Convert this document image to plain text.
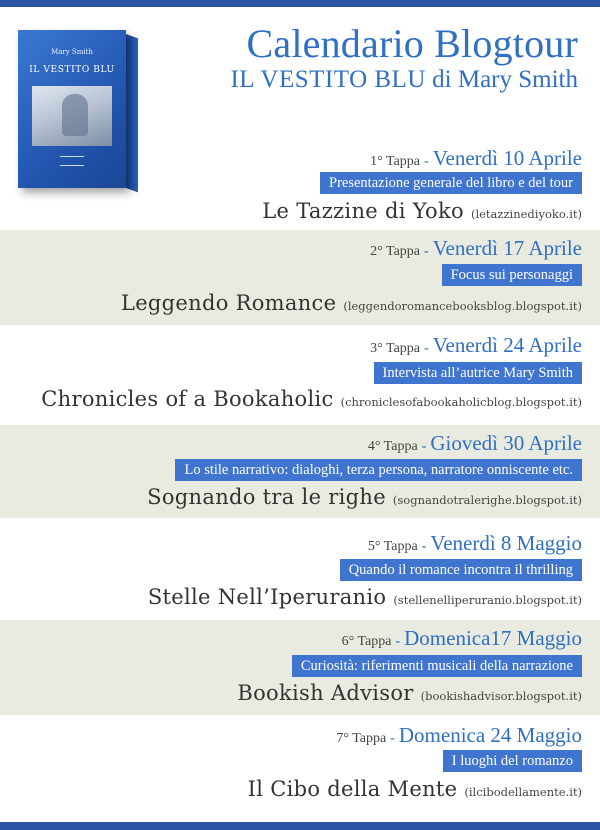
Calendario Blogtour
IL VESTITO BLU di Mary Smith
Mary Smith
IL VESTITO BLU
1° Tappa - Venerdì 10 Aprile
Presentazione generale del libro e del tour
Le Tazzine di Yoko (letazzinediyoko.it)
2° Tappa - Venerdì 17 Aprile
Focus sui personaggi
Leggendo Romance (leggendoromancebooksblog.blogspot.it)
3° Tappa - Venerdì 24 Aprile
Intervista all’autrice Mary Smith
Chronicles of a Bookaholic (chroniclesofabookaholicblog.blogspot.it)
4° Tappa - Giovedì 30 Aprile
Lo stile narrativo: dialoghi, terza persona, narratore onniscente etc.
Sognando tra le righe (sognandotralerighe.blogspot.it)
5° Tappa - Venerdì 8 Maggio
Quando il romance incontra il thrilling
Stelle Nell’Iperuranio (stellenelliperuranio.blogspot.it)
6° Tappa - Domenica17 Maggio
Curiosità: riferimenti musicali della narrazione
Bookish Advisor (bookishadvisor.blogspot.it)
7° Tappa - Domenica 24 Maggio
I luoghi del romanzo
Il Cibo della Mente (ilcibodellamente.it)
